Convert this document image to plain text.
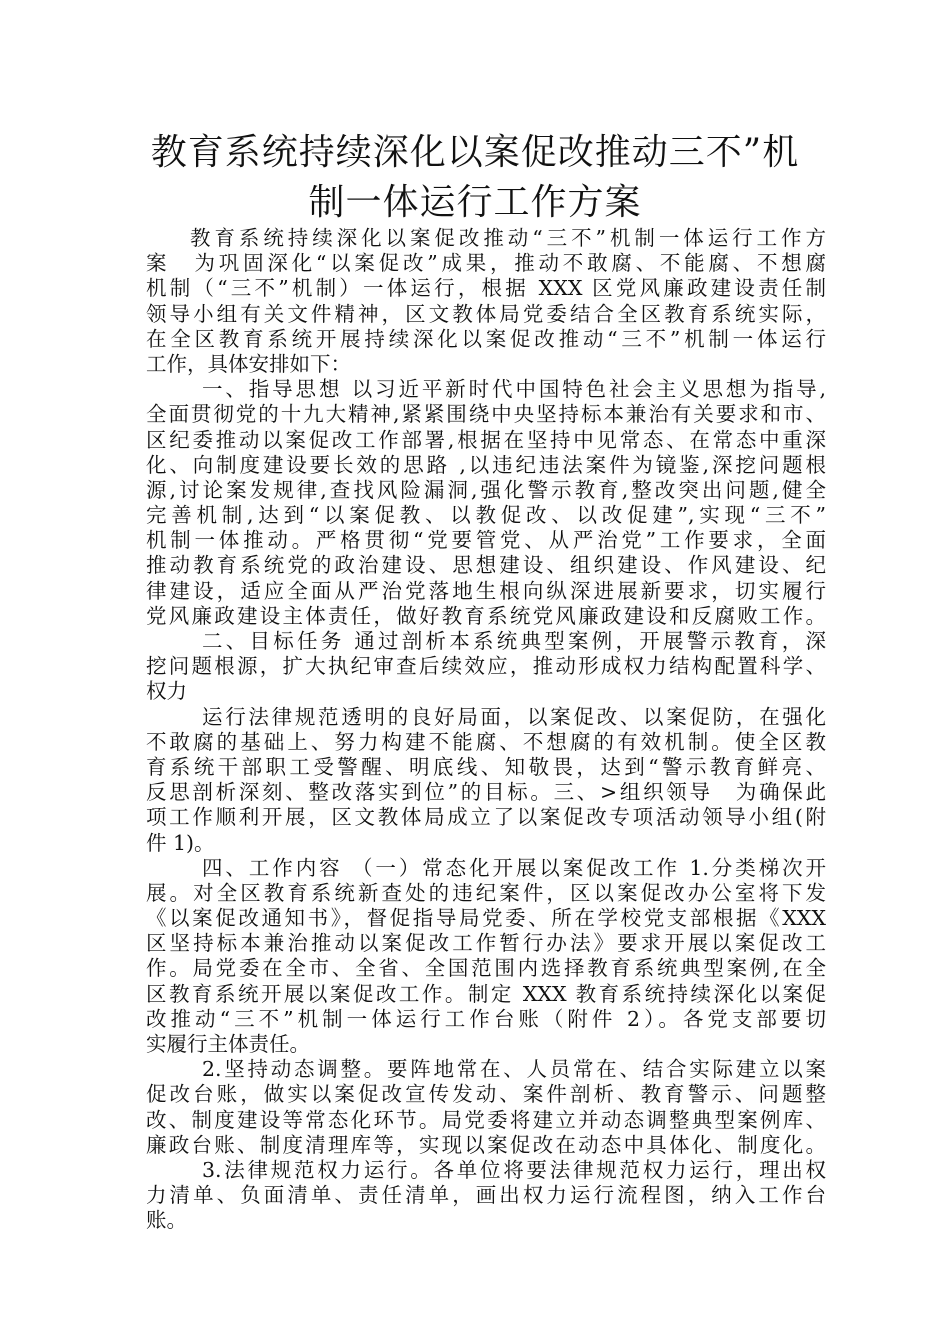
教育系统持续深化以案促改推动三不”机
制一体运行工作方案
教育系统持续深化以案促改推动“三不”机制一体运行工作方
案　为巩固深化“以案促改”成果，推动不敢腐、不能腐、不想腐
机制（“三不”机制）一体运行，根据 XXX 区党风廉政建设责任制
领导小组有关文件精神，区文教体局党委结合全区教育系统实际，
在全区教育系统开展持续深化以案促改推动“三不”机制一体运行
工作，具体安排如下：
一、指导思想 以习近平新时代中国特色社会主义思想为指导,
全面贯彻党的十九大精神,紧紧围绕中央坚持标本兼治有关要求和市、
区纪委推动以案促改工作部署,根据在坚持中见常态、在常态中重深
化、向制度建设要长效的思路 ,以违纪违法案件为镜鉴,深挖问题根
源,讨论案发规律,查找风险漏洞,强化警示教育,整改突出问题,健全
完善机制,达到“以案促教、以教促改、以改促建”,实现“三不”
机制一体推动。严格贯彻“党要管党、从严治党”工作要求，全面
推动教育系统党的政治建设、思想建设、组织建设、作风建设、纪
律建设，适应全面从严治党落地生根向纵深进展新要求，切实履行
党风廉政建设主体责任，做好教育系统党风廉政建设和反腐败工作。
二、目标任务 通过剖析本系统典型案例，开展警示教育，深
挖问题根源，扩大执纪审查后续效应，推动形成权力结构配置科学、
权力
运行法律规范透明的良好局面，以案促改、以案促防，在强化
不敢腐的基础上、努力构建不能腐、不想腐的有效机制。使全区教
育系统干部职工受警醒、明底线、知敬畏，达到“警示教育鲜亮、
反思剖析深刻、整改落实到位”的目标。三、>组织领导　为确保此
项工作顺利开展，区文教体局成立了以案促改专项活动领导小组(附
件 1)。
四、工作内容 （一）常态化开展以案促改工作 1.分类梯次开
展。对全区教育系统新查处的违纪案件，区以案促改办公室将下发
《以案促改通知书》，督促指导局党委、所在学校党支部根据《XXX
区坚持标本兼治推动以案促改工作暂行办法》要求开展以案促改工
作。局党委在全市、全省、全国范围内选择教育系统典型案例,在全
区教育系统开展以案促改工作。制定 XXX 教育系统持续深化以案促
改推动“三不”机制一体运行工作台账（附件 2）。各党支部要切
实履行主体责任。
2.坚持动态调整。要阵地常在、人员常在、结合实际建立以案
促改台账，做实以案促改宣传发动、案件剖析、教育警示、问题整
改、制度建设等常态化环节。局党委将建立并动态调整典型案例库、
廉政台账、制度清理库等，实现以案促改在动态中具体化、制度化。
3.法律规范权力运行。各单位将要法律规范权力运行，理出权
力清单、负面清单、责任清单，画出权力运行流程图，纳入工作台
账。
